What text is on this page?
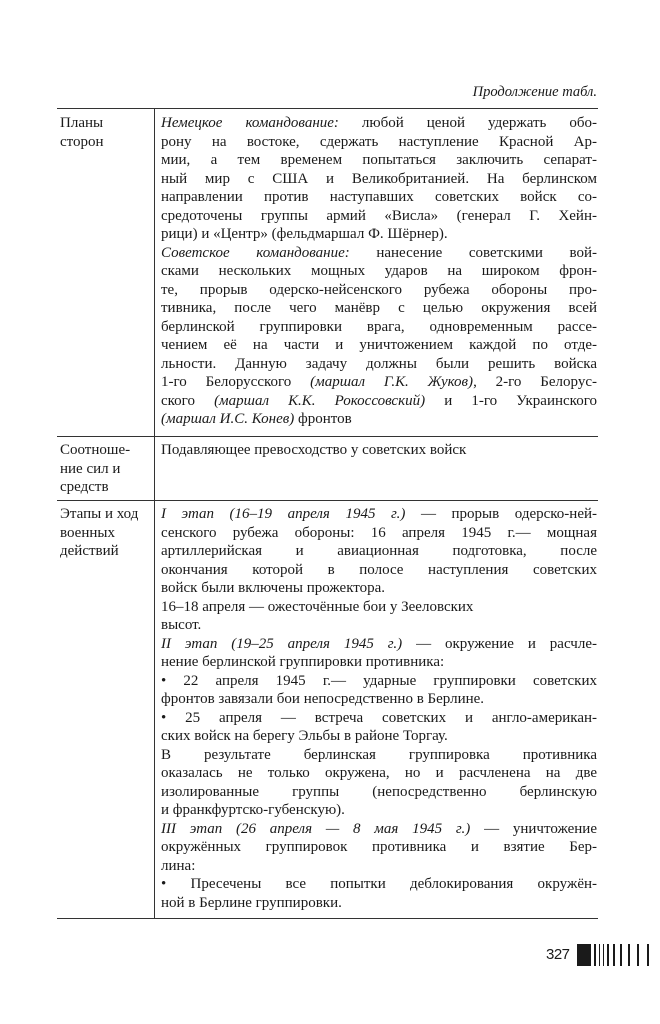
Продолжение табл.
Планы
сторон
Немецкое командование: любой ценой удержать обо-
рону на востоке, сдержать наступление Красной Ар-
мии, а тем временем попытаться заключить сепарат-
ный мир с США и Великобританией. На берлинском
направлении против наступавших советских войск со-
средоточены группы армий «Висла» (генерал Г. Хейн-
рици) и «Центр» (фельдмаршал Ф. Шёрнер).
Советское командование: нанесение советскими вой-
сками нескольких мощных ударов на широком фрон-
те, прорыв одерско-нейсенского рубежа обороны про-
тивника, после чего манёвр с целью окружения всей
берлинской группировки врага, одновременным рассе-
чением её на части и уничтожением каждой по отде-
льности. Данную задачу должны были решить войска
1-го Белорусского (маршал Г.К. Жуков), 2-го Белорус-
ского (маршал К.К. Рокоссовский) и 1-го Украинского
(маршал И.С. Конев) фронтов
Соотноше-
ние сил и
средств
Подавляющее превосходство у советских войск
Этапы и ход
военных
действий
I этап (16–19 апреля 1945 г.) — прорыв одерско-ней-
сенского рубежа обороны: 16 апреля 1945 г.— мощная
артиллерийская и авиационная подготовка, после
окончания которой в полосе наступления советских
войск были включены прожектора.
16–18 апреля — ожесточённые бои у Зееловских
высот.
II этап (19–25 апреля 1945 г.) — окружение и расчле-
нение берлинской группировки противника:
• 22 апреля 1945 г.— ударные группировки советских
фронтов завязали бои непосредственно в Берлине.
• 25 апреля — встреча советских и англо-американ-
ских войск на берегу Эльбы в районе Торгау.
В результате берлинская группировка противника
оказалась не только окружена, но и расчленена на две
изолированные группы (непосредственно берлинскую
и франкфуртско-губенскую).
III этап (26 апреля — 8 мая 1945 г.) — уничтожение
окружённых группировок противника и взятие Бер-
лина:
• Пресечены все попытки деблокирования окружён-
ной в Берлине группировки.
327
